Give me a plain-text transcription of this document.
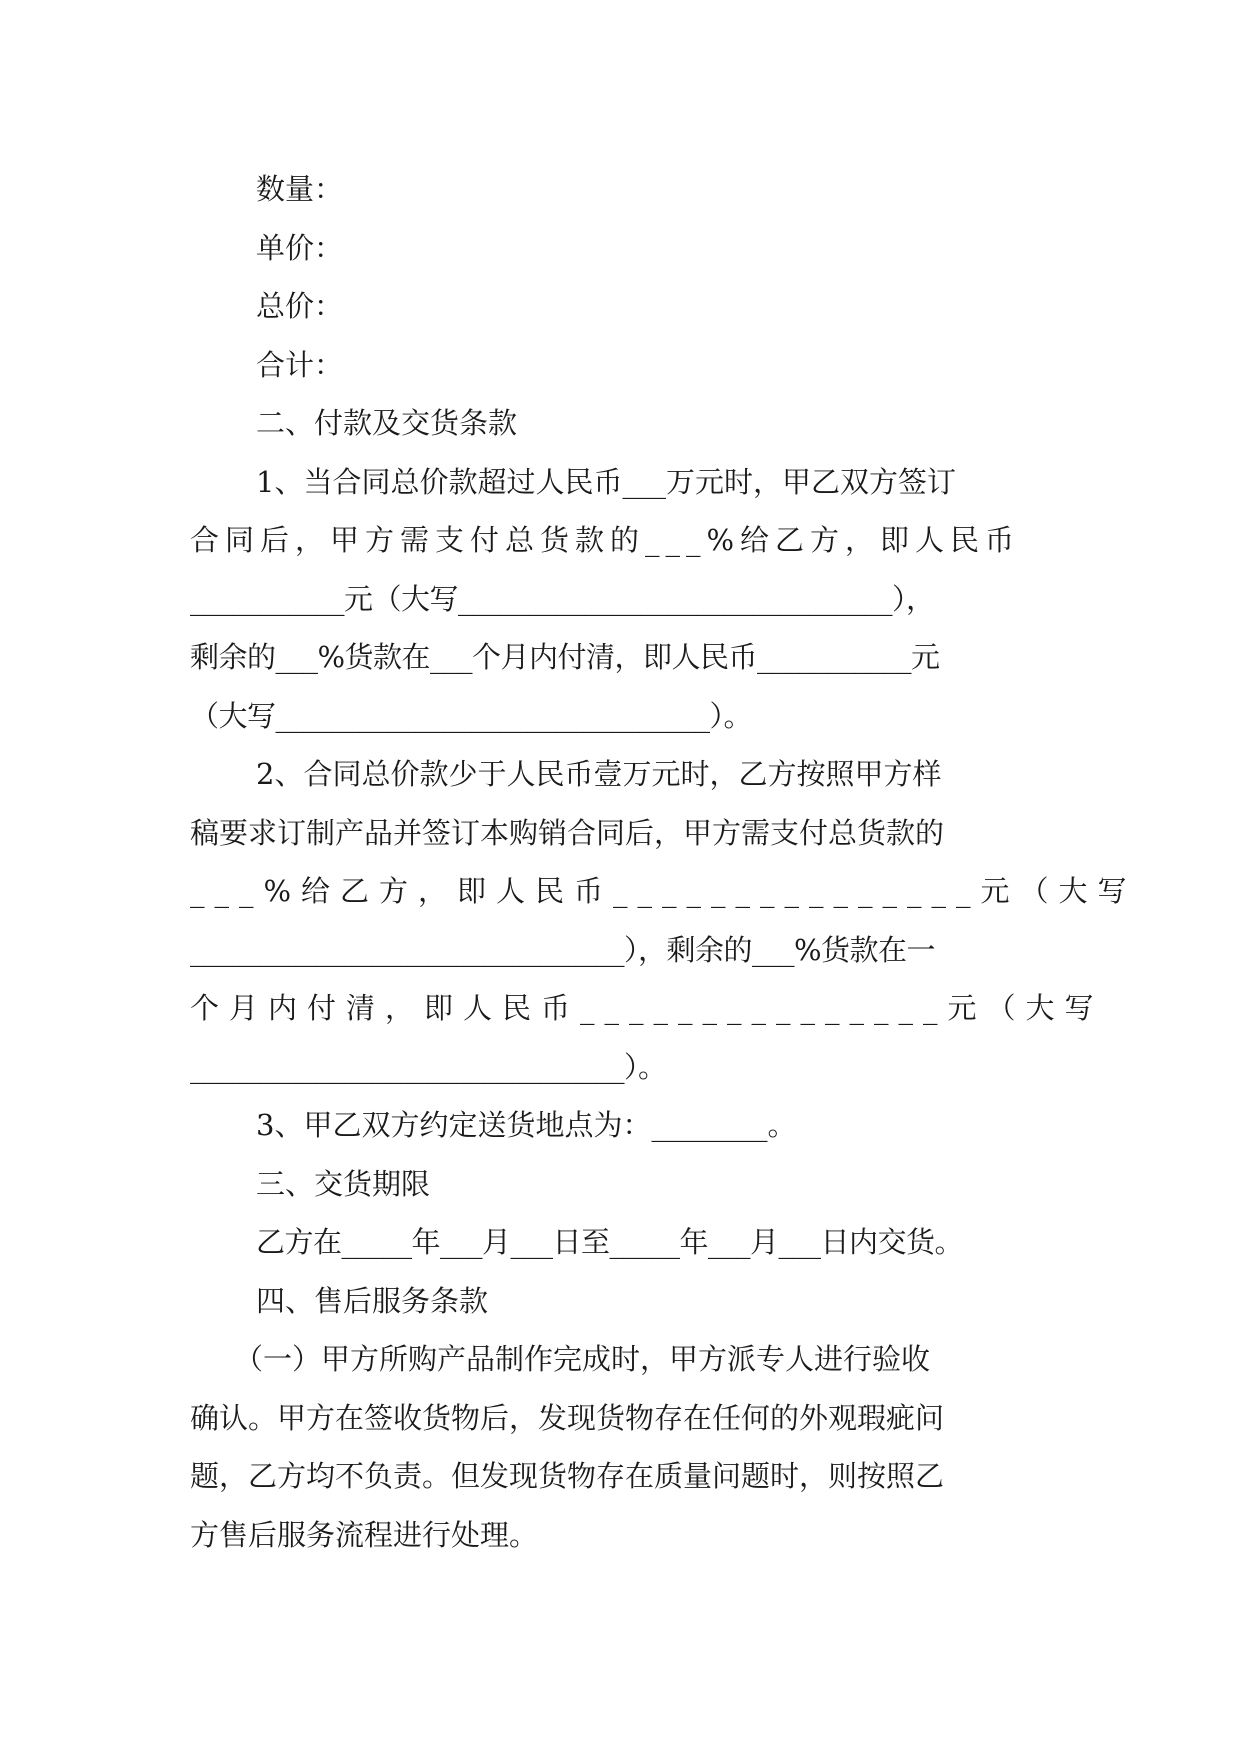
数量：

单价：

总价：

合计：

二、付款及交货条款

1、当合同总价款超过人民币___万元时，甲乙双方签订

合同后，甲方需支付总货款的___%给乙方，即人民币

___________元（大写_______________________________），

剩余的___%货款在___个月内付清，即人民币___________元

（大写_______________________________）。

2、合同总价款少于人民币壹万元时，乙方按照甲方样

稿要求订制产品并签订本购销合同后，甲方需支付总货款的

___%给乙方，即人民币_______________元（大写

_______________________________），剩余的___%货款在一

个月内付清，即人民币_______________元（大写

_______________________________）。

3、甲乙双方约定送货地点为：________。

三、交货期限

乙方在_____年___月___日至_____年___月___日内交货。

四、售后服务条款

（一）甲方所购产品制作完成时，甲方派专人进行验收

确认。甲方在签收货物后，发现货物存在任何的外观瑕疵问

题，乙方均不负责。但发现货物存在质量问题时，则按照乙

方售后服务流程进行处理。
